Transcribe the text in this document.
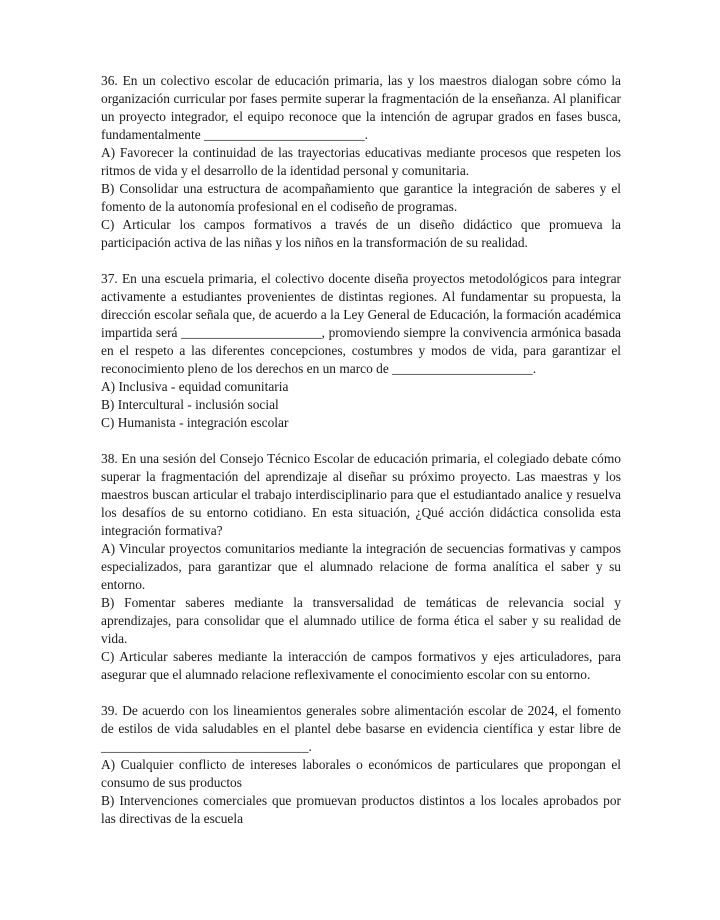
36. En un colectivo escolar de educación primaria, las y los maestros dialogan sobre cómo la organización curricular por fases permite superar la fragmentación de la enseñanza. Al planificar un proyecto integrador, el equipo reconoce que la intención de agrupar grados en fases busca, fundamentalmente ________________________.

A) Favorecer la continuidad de las trayectorias educativas mediante procesos que respeten los ritmos de vida y el desarrollo de la identidad personal y comunitaria.

B) Consolidar una estructura de acompañamiento que garantice la integración de saberes y el fomento de la autonomía profesional en el codiseño de programas.

C) Articular los campos formativos a través de un diseño didáctico que promueva la participación activa de las niñas y los niños en la transformación de su realidad.

37. En una escuela primaria, el colectivo docente diseña proyectos metodológicos para integrar activamente a estudiantes provenientes de distintas regiones. Al fundamentar su propuesta, la dirección escolar señala que, de acuerdo a la Ley General de Educación, la formación académica impartida será _____________________, promoviendo siempre la convivencia armónica basada en el respeto a las diferentes concepciones, costumbres y modos de vida, para garantizar el reconocimiento pleno de los derechos en un marco de _____________________.

A) Inclusiva - equidad comunitaria

B) Intercultural - inclusión social

C) Humanista - integración escolar

38. En una sesión del Consejo Técnico Escolar de educación primaria, el colegiado debate cómo superar la fragmentación del aprendizaje al diseñar su próximo proyecto. Las maestras y los maestros buscan articular el trabajo interdisciplinario para que el estudiantado analice y resuelva los desafíos de su entorno cotidiano. En esta situación, ¿Qué acción didáctica consolida esta integración formativa?

A) Vincular proyectos comunitarios mediante la integración de secuencias formativas y campos especializados, para garantizar que el alumnado relacione de forma analítica el saber y su entorno.

B) Fomentar saberes mediante la transversalidad de temáticas de relevancia social y aprendizajes, para consolidar que el alumnado utilice de forma ética el saber y su realidad de vida.

C) Articular saberes mediante la interacción de campos formativos y ejes articuladores, para asegurar que el alumnado relacione reflexivamente el conocimiento escolar con su entorno.

39. De acuerdo con los lineamientos generales sobre alimentación escolar de 2024, el fomento de estilos de vida saludables en el plantel debe basarse en evidencia científica y estar libre de _______________________________.

A) Cualquier conflicto de intereses laborales o económicos de particulares que propongan el consumo de sus productos

B) Intervenciones comerciales que promuevan productos distintos a los locales aprobados por las directivas de la escuela
